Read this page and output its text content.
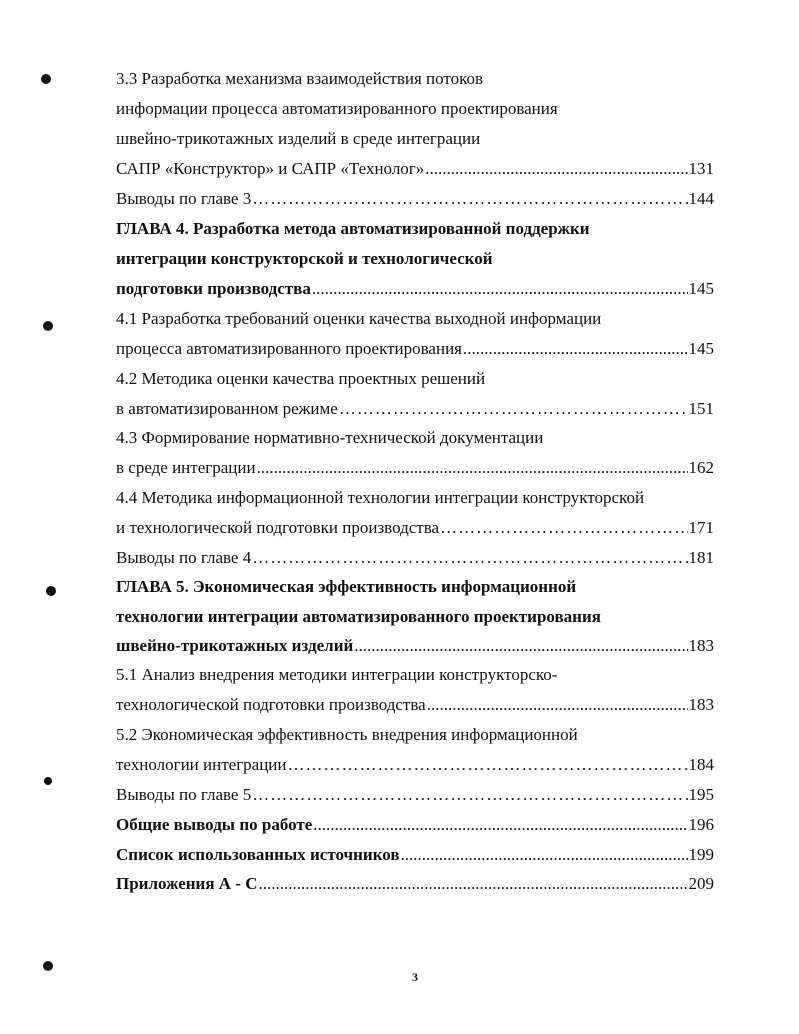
3.3 Разработка механизма взаимодействия потоков
информации процесса автоматизированного проектирования
швейно-трикотажных изделий в среде интеграции
САПР «Конструктор» и САПР «Технолог» .....	131
Выводы по главе 3 ………………………………………………………………………………………………………………………………………………………………………………	144
ГЛАВА 4. Разработка метода автоматизированной поддержки
интеграции конструкторской и технологической
подготовки производства .....	145
4.1 Разработка требований оценки качества выходной информации
процесса автоматизированного проектирования .....	145
4.2 Методика оценки качества проектных решений
в автоматизированном режиме ………………………………………………………………………………………………………………………………………………………………………………	151
4.3 Формирование нормативно-технической документации
в среде интеграции .....	162
4.4 Методика информационной технологии интеграции конструкторской
и технологической подготовки производства ………………………………………………………………………………………………………………………………………………………………………………	171
Выводы по главе 4 ………………………………………………………………………………………………………………………………………………………………………………	181
ГЛАВА 5. Экономическая эффективность информационной
технологии интеграции автоматизированного проектирования
швейно-трикотажных изделий .....	183
5.1 Анализ внедрения методики интеграции конструкторско-
технологической подготовки производства .....	183
5.2 Экономическая эффективность внедрения информационной
технологии интеграции ………………………………………………………………………………………………………………………………………………………………………………	184
Выводы по главе 5 ………………………………………………………………………………………………………………………………………………………………………………	195
Общие выводы по работе .....	196
Список использованных источников .....	199
Приложения А - С .....	209
3
